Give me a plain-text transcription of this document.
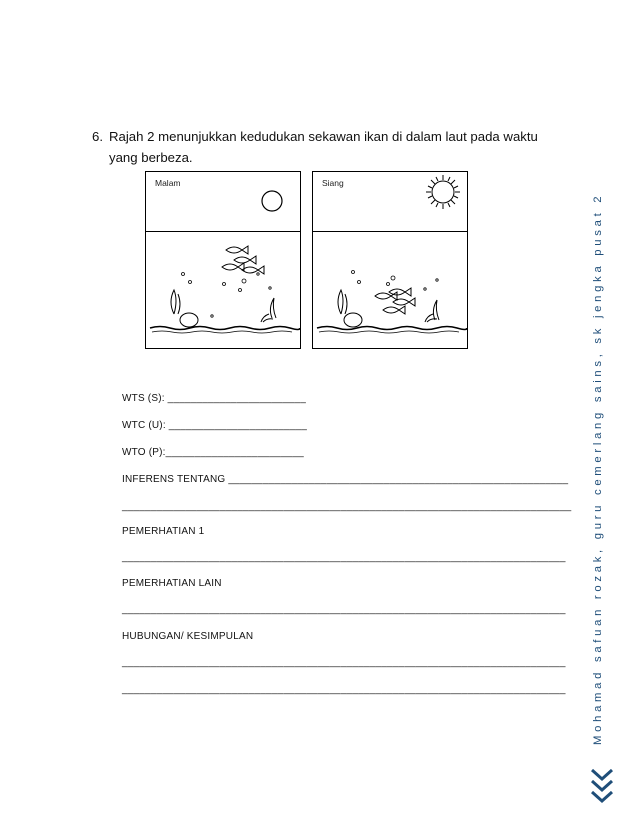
6. Rajah 2 menunjukkan kedudukan sekawan ikan di dalam laut pada waktu yang berbeza.
Malam	Siang
WTS (S): ________________________
WTC (U): ________________________
WTO (P):________________________
INFERENS TENTANG ___________________________________________________________
______________________________________________________________________________
PEMERHATIAN 1
_____________________________________________________________________________
PEMERHATIAN LAIN
_____________________________________________________________________________
HUBUNGAN/ KESIMPULAN
_____________________________________________________________________________
_____________________________________________________________________________ Mohamad safuan rozak, guru cemerlang sains, sk jengka pusat 2
